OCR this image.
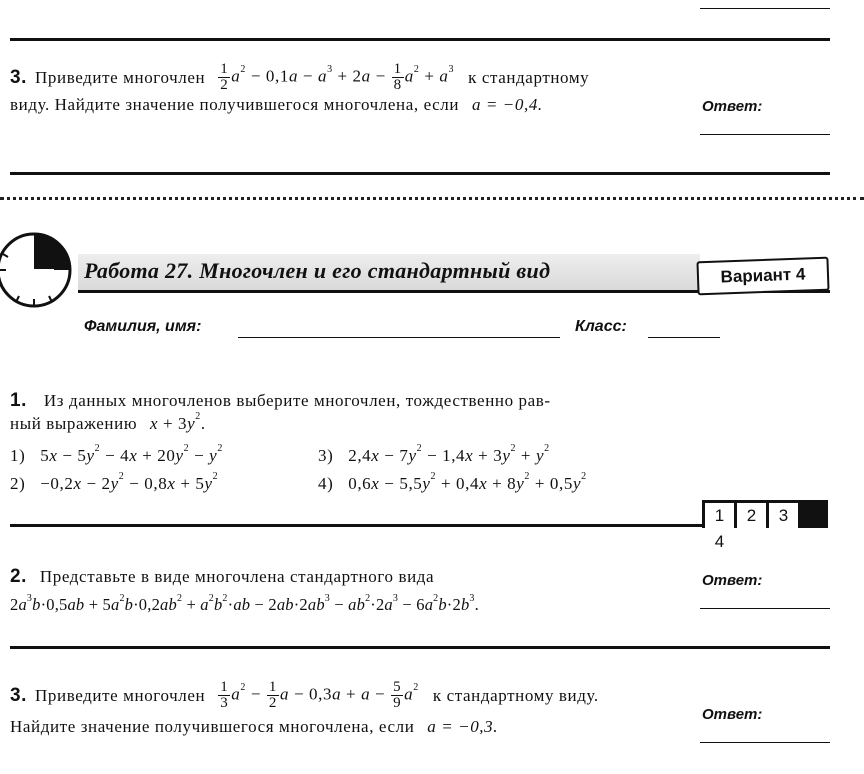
3. Приведите многочлен $\frac{1}{2} a^2 - 0,1a - a^3 + 2a - \frac{1}{8} a^2 + a^3$ к стандартному
виду. Найдите значение получившегося многочлена, если a = −0,4.	Ответ:
Работа 27. Многочлен и его стандартный вид	Вариант 4
Фамилия, имя:	Класс:
1. Из данных многочленов выберите многочлен, тождественно рав-
ный выражению $x + 3y^2$.
1) $5x - 5y^2 - 4x + 20y^2 - y^2$
$2) -0,2x - 2y^2 - 0,8x + 5y^2$
3) $2,4x - 7y^2 - 1,4x + 3y^2 + y^2$
4) $0,6x - 5,5y^2 + 0,4x + 8y^2 + 0,5y^2$
1 2 34
2. Представьте в виде многочлена стандартного вида
$2a^3b\cdot 0,5ab + 5a^2b\cdot 0,2ab^2 + a^2b^2\cdot ab - 2ab\cdot 2ab^3 - ab^2\cdot 2a^3 - 6a^2b\cdot 2b^3$.
Ответ:
3. Приведите многочлен $\frac{1}{3} a^2 - \frac{1}{2}$ $a - 0,3a + a - \frac{5}{9} a^2$ к стандартному виду.
Найдите значение получившегося многочлена, если a = −0,3.
Ответ:
